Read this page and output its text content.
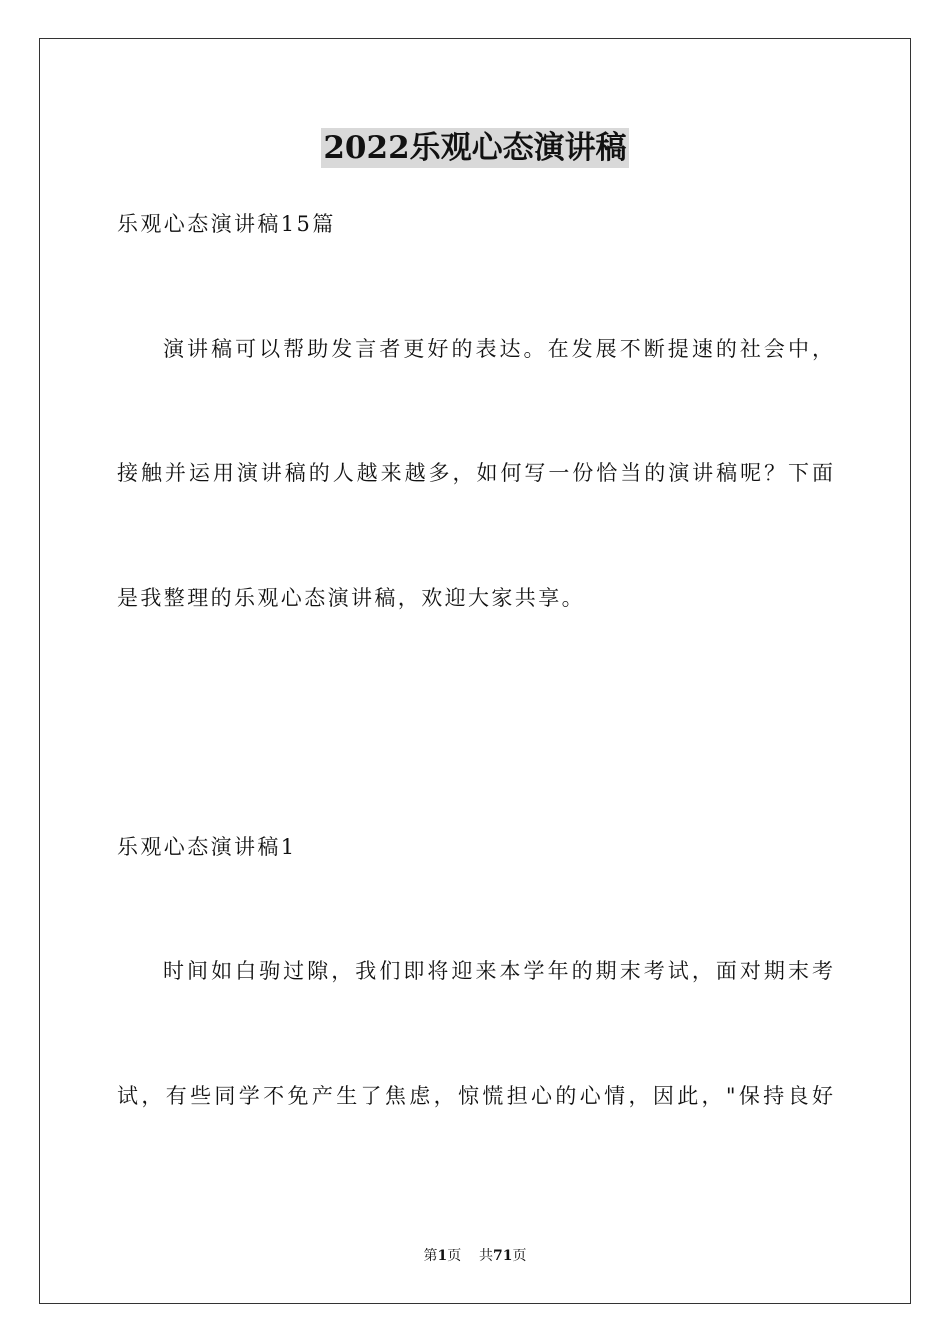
2022乐观心态演讲稿
乐观心态演讲稿15篇
演讲稿可以帮助发言者更好的表达。在发展不断提速的社会中，
接触并运用演讲稿的人越来越多，如何写一份恰当的演讲稿呢？下面
是我整理的乐观心态演讲稿，欢迎大家共享。
乐观心态演讲稿1
时间如白驹过隙，我们即将迎来本学年的期末考试，面对期末考
试，有些同学不免产生了焦虑，惊慌担心的心情，因此，"保持良好
第1页 共71页
